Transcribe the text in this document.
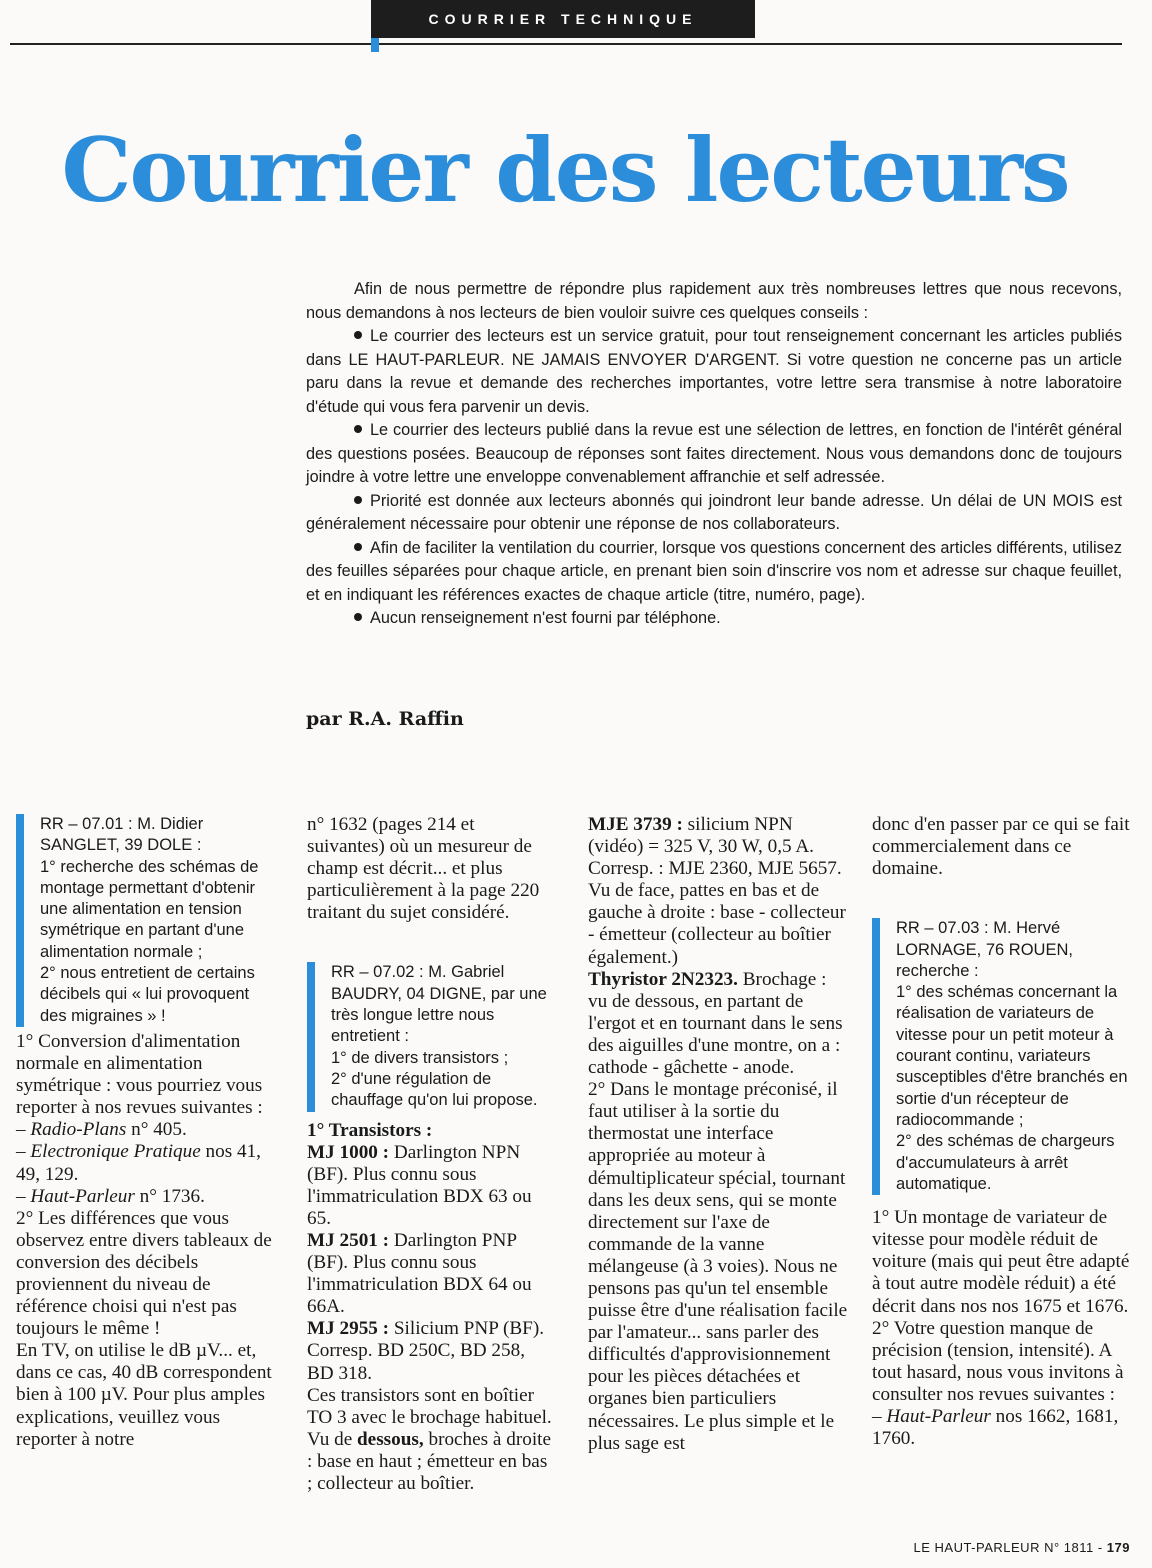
COURRIER TECHNIQUE
Courrier des lecteurs

Afin de nous permettre de répondre plus rapidement aux très nombreuses lettres que nous recevons, nous demandons à nos lecteurs de bien vouloir suivre ces quelques conseils :

Le courrier des lecteurs est un service gratuit, pour tout renseignement concernant les articles publiés dans LE HAUT-PARLEUR. NE JAMAIS ENVOYER D'ARGENT. Si votre question ne concerne pas un article paru dans la revue et demande des recherches importantes, votre lettre sera transmise à notre laboratoire d'étude qui vous fera parvenir un devis.

Le courrier des lecteurs publié dans la revue est une sélection de lettres, en fonction de l'intérêt général des questions posées. Beaucoup de réponses sont faites directement. Nous vous demandons donc de toujours joindre à votre lettre une enveloppe convenablement affranchie et self adressée.

Priorité est donnée aux lecteurs abonnés qui joindront leur bande adresse. Un délai de UN MOIS est généralement nécessaire pour obtenir une réponse de nos collaborateurs.

Afin de faciliter la ventilation du courrier, lorsque vos questions concernent des articles différents, utilisez des feuilles séparées pour chaque article, en prenant bien soin d'inscrire vos nom et adresse sur chaque feuillet, et en indiquant les références exactes de chaque article (titre, numéro, page).

Aucun renseignement n'est fourni par téléphone.

par R.A. Raffin

RR – 07.01 : M. Didier SANGLET, 39 DOLE :

1° recherche des schémas de montage permettant d'obtenir une alimentation en tension symétrique en partant d'une alimentation normale ;

2° nous entretient de certains décibels qui « lui provoquent des migraines » !

1° Conversion d'alimentation normale en alimentation symétrique : vous pourriez vous reporter à nos revues suivantes :

– Radio-Plans n° 405.

– Electronique Pratique nos 41, 49, 129.

– Haut-Parleur n° 1736.

2° Les différences que vous observez entre divers tableaux de conversion des décibels proviennent du niveau de référence choisi qui n'est pas toujours le même !

En TV, on utilise le dB µV... et, dans ce cas, 40 dB correspondent bien à 100 µV. Pour plus amples explications, veuillez vous reporter à notre

n° 1632 (pages 214 et suivantes) où un mesureur de champ est décrit... et plus particulièrement à la page 220 traitant du sujet considéré.

RR – 07.02 : M. Gabriel BAUDRY, 04 DIGNE, par une très longue lettre nous entretient :

1° de divers transistors ;

2° d'une régulation de chauffage qu'on lui propose.

1° Transistors :

MJ 1000 : Darlington NPN (BF). Plus connu sous l'immatriculation BDX 63 ou 65.

MJ 2501 : Darlington PNP (BF). Plus connu sous l'immatriculation BDX 64 ou 66A.

MJ 2955 : Silicium PNP (BF). Corresp. BD 250C, BD 258, BD 318.

Ces transistors sont en boîtier TO 3 avec le brochage habituel. Vu de dessous, broches à droite : base en haut ; émetteur en bas ; collecteur au boîtier.

MJE 3739 : silicium NPN (vidéo) = 325 V, 30 W, 0,5 A. Corresp. : MJE 2360, MJE 5657. Vu de face, pattes en bas et de gauche à droite : base - collecteur - émetteur (collecteur au boîtier également.)

Thyristor 2N2323. Brochage : vu de dessous, en partant de l'ergot et en tournant dans le sens des aiguilles d'une montre, on a : cathode - gâchette - anode.

2° Dans le montage préconisé, il faut utiliser à la sortie du thermostat une interface appropriée au moteur à démultiplicateur spécial, tournant dans les deux sens, qui se monte directement sur l'axe de commande de la vanne mélangeuse (à 3 voies). Nous ne pensons pas qu'un tel ensemble puisse être d'une réalisation facile par l'amateur... sans parler des difficultés d'approvisionnement pour les pièces détachées et organes bien particuliers nécessaires. Le plus simple et le plus sage est

donc d'en passer par ce qui se fait commercialement dans ce domaine.

RR – 07.03 : M. Hervé LORNAGE, 76 ROUEN, recherche :

1° des schémas concernant la réalisation de variateurs de vitesse pour un petit moteur à courant continu, variateurs susceptibles d'être branchés en sortie d'un récepteur de radiocommande ;

2° des schémas de chargeurs d'accumulateurs à arrêt automatique.

1° Un montage de variateur de vitesse pour modèle réduit de voiture (mais qui peut être adapté à tout autre modèle réduit) a été décrit dans nos nos 1675 et 1676.

2° Votre question manque de précision (tension, intensité). A tout hasard, nous vous invitons à consulter nos revues suivantes :

– Haut-Parleur nos 1662, 1681, 1760.

LE HAUT-PARLEUR N° 1811 - 179
